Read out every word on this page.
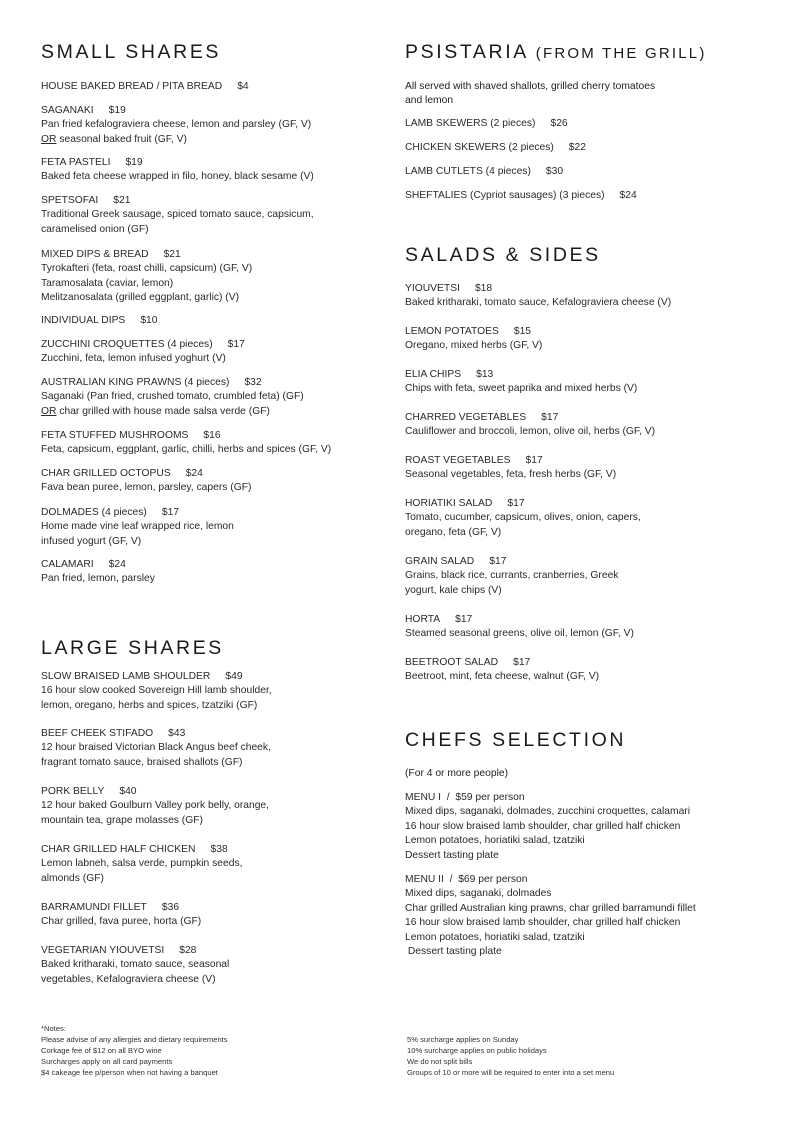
SMALL SHARES
HOUSE BAKED BREAD / PITA BREAD $4
SAGANAKI $19
Pan fried kefalograviera cheese, lemon and parsley (GF, V)
OR seasonal baked fruit (GF, V)
FETA PASTELI $19
Baked feta cheese wrapped in filo, honey, black sesame (V)
SPETSOFAI $21
Traditional Greek sausage, spiced tomato sauce, capsicum,
caramelised onion (GF)
MIXED DIPS & BREAD $21
Tyrokafteri (feta, roast chilli, capsicum) (GF, V)
Taramosalata (caviar, lemon)
Melitzanosalata (grilled eggplant, garlic) (V)
INDIVIDUAL DIPS $10
ZUCCHINI CROQUETTES (4 pieces) $17
Zucchini, feta, lemon infused yoghurt (V)
AUSTRALIAN KING PRAWNS (4 pieces) $32
Saganaki (Pan fried, crushed tomato, crumbled feta) (GF)
OR char grilled with house made salsa verde (GF)
FETA STUFFED MUSHROOMS $16
Feta, capsicum, eggplant, garlic, chilli, herbs and spices (GF, V)
CHAR GRILLED OCTOPUS $24
Fava bean puree, lemon, parsley, capers (GF)
DOLMADES (4 pieces) $17
Home made vine leaf wrapped rice, lemon
infused yogurt (GF, V)
CALAMARI $24
Pan fried, lemon, parsley
LARGE SHARES
SLOW BRAISED LAMB SHOULDER $49
16 hour slow cooked Sovereign Hill lamb shoulder,
lemon, oregano, herbs and spices, tzatziki (GF)
BEEF CHEEK STIFADO $43
12 hour braised Victorian Black Angus beef cheek,
fragrant tomato sauce, braised shallots (GF)
PORK BELLY $40
12 hour baked Goulburn Valley pork belly, orange,
mountain tea, grape molasses (GF)
CHAR GRILLED HALF CHICKEN $38
Lemon labneh, salsa verde, pumpkin seeds,
almonds (GF)
BARRAMUNDI FILLET $36
Char grilled, fava puree, horta (GF)
VEGETARIAN YIOUVETSI $28
Baked kritharaki, tomato sauce, seasonal
vegetables, Kefalograviera cheese (V)
PSISTARIA (FROM THE GRILL)
All served with shaved shallots, grilled cherry tomatoes
and lemon
LAMB SKEWERS (2 pieces) $26
CHICKEN SKEWERS (2 pieces) $22
LAMB CUTLETS (4 pieces) $30
SHEFTALIES (Cypriot sausages) (3 pieces) $24
SALADS & SIDES
YIOUVETSI $18
Baked kritharaki, tomato sauce, Kefalograviera cheese (V)
LEMON POTATOES $15
Oregano, mixed herbs (GF, V)
ELIA CHIPS $13
Chips with feta, sweet paprika and mixed herbs (V)
CHARRED VEGETABLES $17
Cauliflower and broccoli, lemon, olive oil, herbs (GF, V)
ROAST VEGETABLES $17
Seasonal vegetables, feta, fresh herbs (GF, V)
HORIATIKI SALAD $17
Tomato, cucumber, capsicum, olives, onion, capers,
oregano, feta (GF, V)
GRAIN SALAD $17
Grains, black rice, currants, cranberries, Greek
yogurt, kale chips (V)
HORTA $17
Steamed seasonal greens, olive oil, lemon (GF, V)
BEETROOT SALAD $17
Beetroot, mint, feta cheese, walnut (GF, V)
CHEFS SELECTION
(For 4 or more people)
MENU I  /  $59 per person
Mixed dips, saganaki, dolmades, zucchini croquettes, calamari
16 hour slow braised lamb shoulder, char grilled half chicken
Lemon potatoes, horiatiki salad, tzatziki
Dessert tasting plate
MENU II  /  $69 per person
Mixed dips, saganaki, dolmades
Char grilled Australian king prawns, char grilled barramundi fillet
16 hour slow braised lamb shoulder, char grilled half chicken
Lemon potatoes, horiatiki salad, tzatziki
Dessert tasting plate
*Notes:
Please advise of any allergies and dietary requirements
Corkage fee of $12 on all BYO wine
Surcharges apply on all card payments
$4 cakeage fee p/person when not having a banquet
5% surcharge applies on Sunday
10% surcharge applies on public holidays
We do not split bills
Groups of 10 or more will be required to enter into a set menu
